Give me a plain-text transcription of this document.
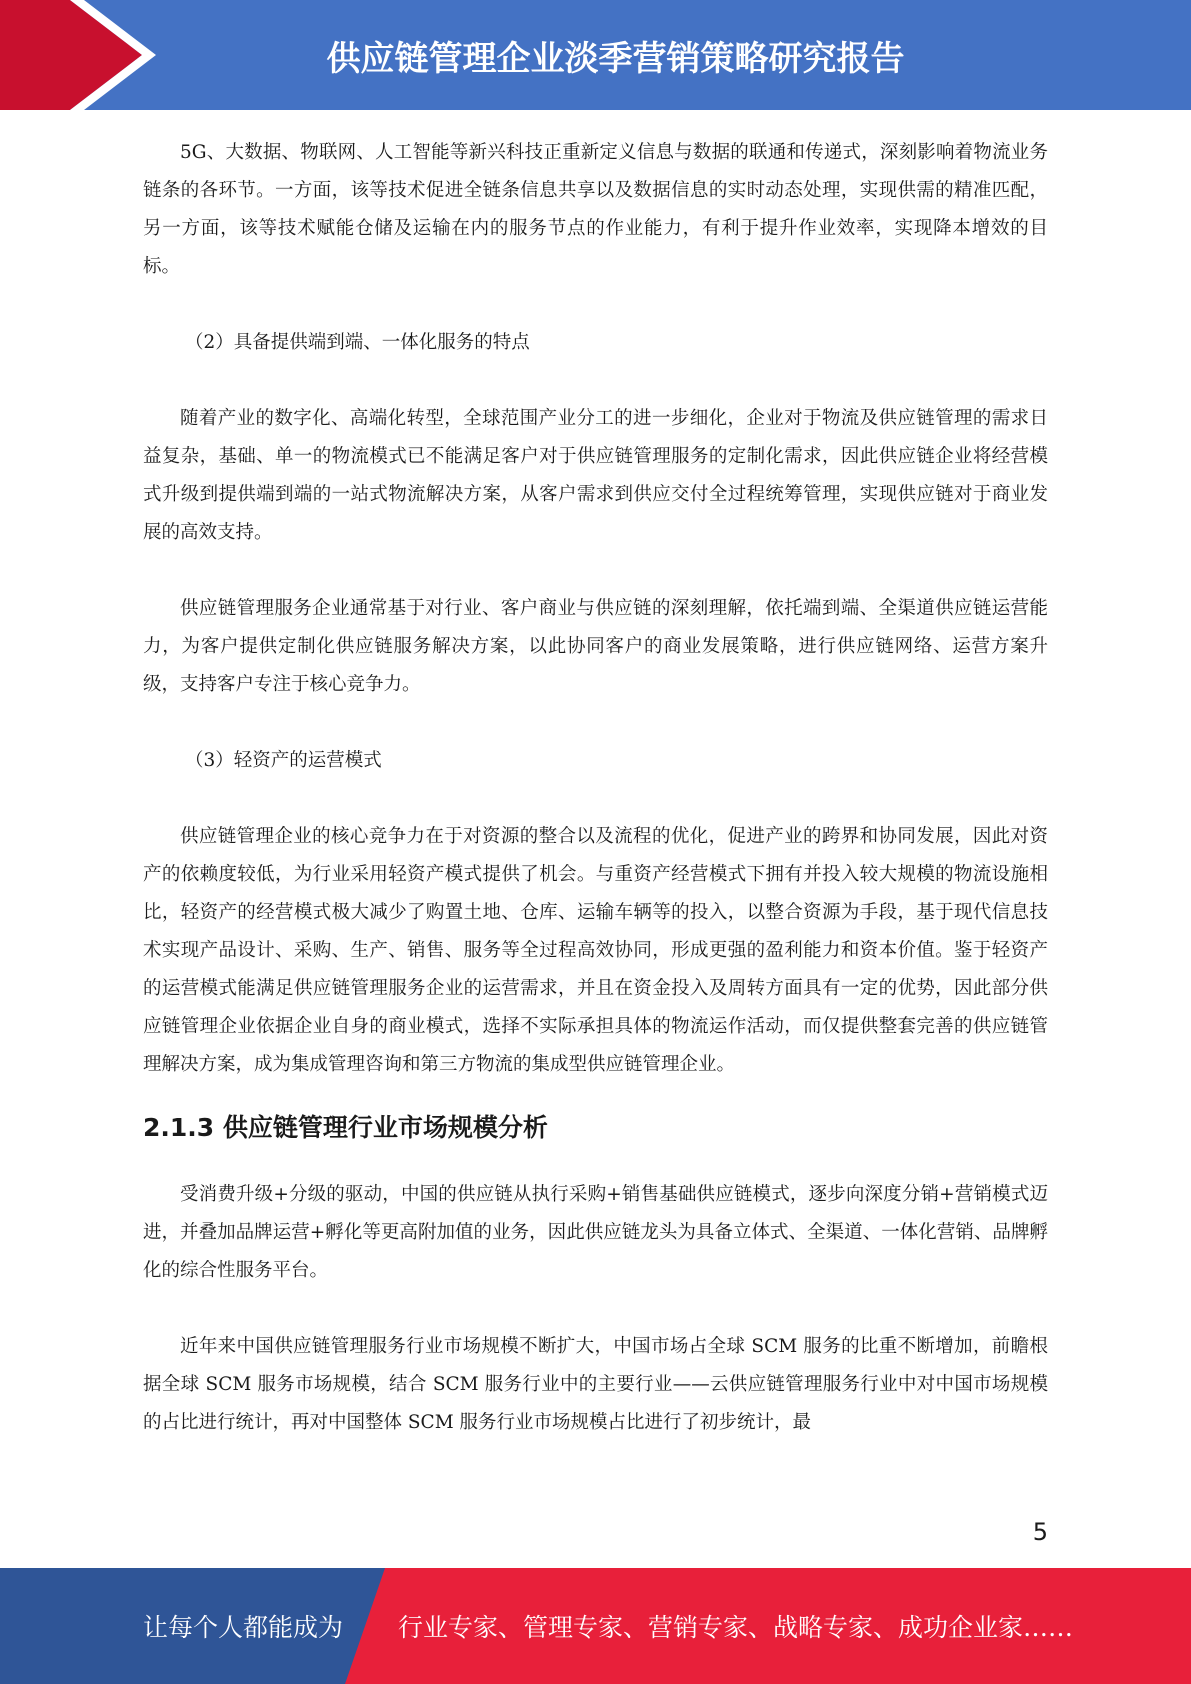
供应链管理企业淡季营销策略研究报告

5G、大数据、物联网、人工智能等新兴科技正重新定义信息与数据的联通和传递式，深刻影响着物流业务链条的各环节。一方面，该等技术促进全链条信息共享以及数据信息的实时动态处理，实现供需的精准匹配，另一方面，该等技术赋能仓储及运输在内的服务节点的作业能力，有利于提升作业效率，实现降本增效的目标。

（2）具备提供端到端、一体化服务的特点

随着产业的数字化、高端化转型，全球范围产业分工的进一步细化，企业对于物流及供应链管理的需求日益复杂，基础、单一的物流模式已不能满足客户对于供应链管理服务的定制化需求，因此供应链企业将经营模式升级到提供端到端的一站式物流解决方案，从客户需求到供应交付全过程统筹管理，实现供应链对于商业发展的高效支持。

供应链管理服务企业通常基于对行业、客户商业与供应链的深刻理解，依托端到端、全渠道供应链运营能力，为客户提供定制化供应链服务解决方案，以此协同客户的商业发展策略，进行供应链网络、运营方案升级，支持客户专注于核心竞争力。

（3）轻资产的运营模式

供应链管理企业的核心竞争力在于对资源的整合以及流程的优化，促进产业的跨界和协同发展，因此对资产的依赖度较低，为行业采用轻资产模式提供了机会。与重资产经营模式下拥有并投入较大规模的物流设施相比，轻资产的经营模式极大减少了购置土地、仓库、运输车辆等的投入，以整合资源为手段，基于现代信息技术实现产品设计、采购、生产、销售、服务等全过程高效协同，形成更强的盈利能力和资本价值。鉴于轻资产的运营模式能满足供应链管理服务企业的运营需求，并且在资金投入及周转方面具有一定的优势，因此部分供应链管理企业依据企业自身的商业模式，选择不实际承担具体的物流运作活动，而仅提供整套完善的供应链管理解决方案，成为集成管理咨询和第三方物流的集成型供应链管理企业。

2.1.3 供应链管理行业市场规模分析

受消费升级+分级的驱动，中国的供应链从执行采购+销售基础供应链模式，逐步向深度分销+营销模式迈进，并叠加品牌运营+孵化等更高附加值的业务，因此供应链龙头为具备立体式、全渠道、一体化营销、品牌孵化的综合性服务平台。

近年来中国供应链管理服务行业市场规模不断扩大，中国市场占全球 SCM 服务的比重不断增加，前瞻根据全球 SCM 服务市场规模，结合 SCM 服务行业中的主要行业——云供应链管理服务行业中对中国市场规模的占比进行统计，再对中国整体 SCM 服务行业市场规模占比进行了初步统计，最

5
让每个人都能成为 行业专家、管理专家、营销专家、战略专家、成功企业家……
